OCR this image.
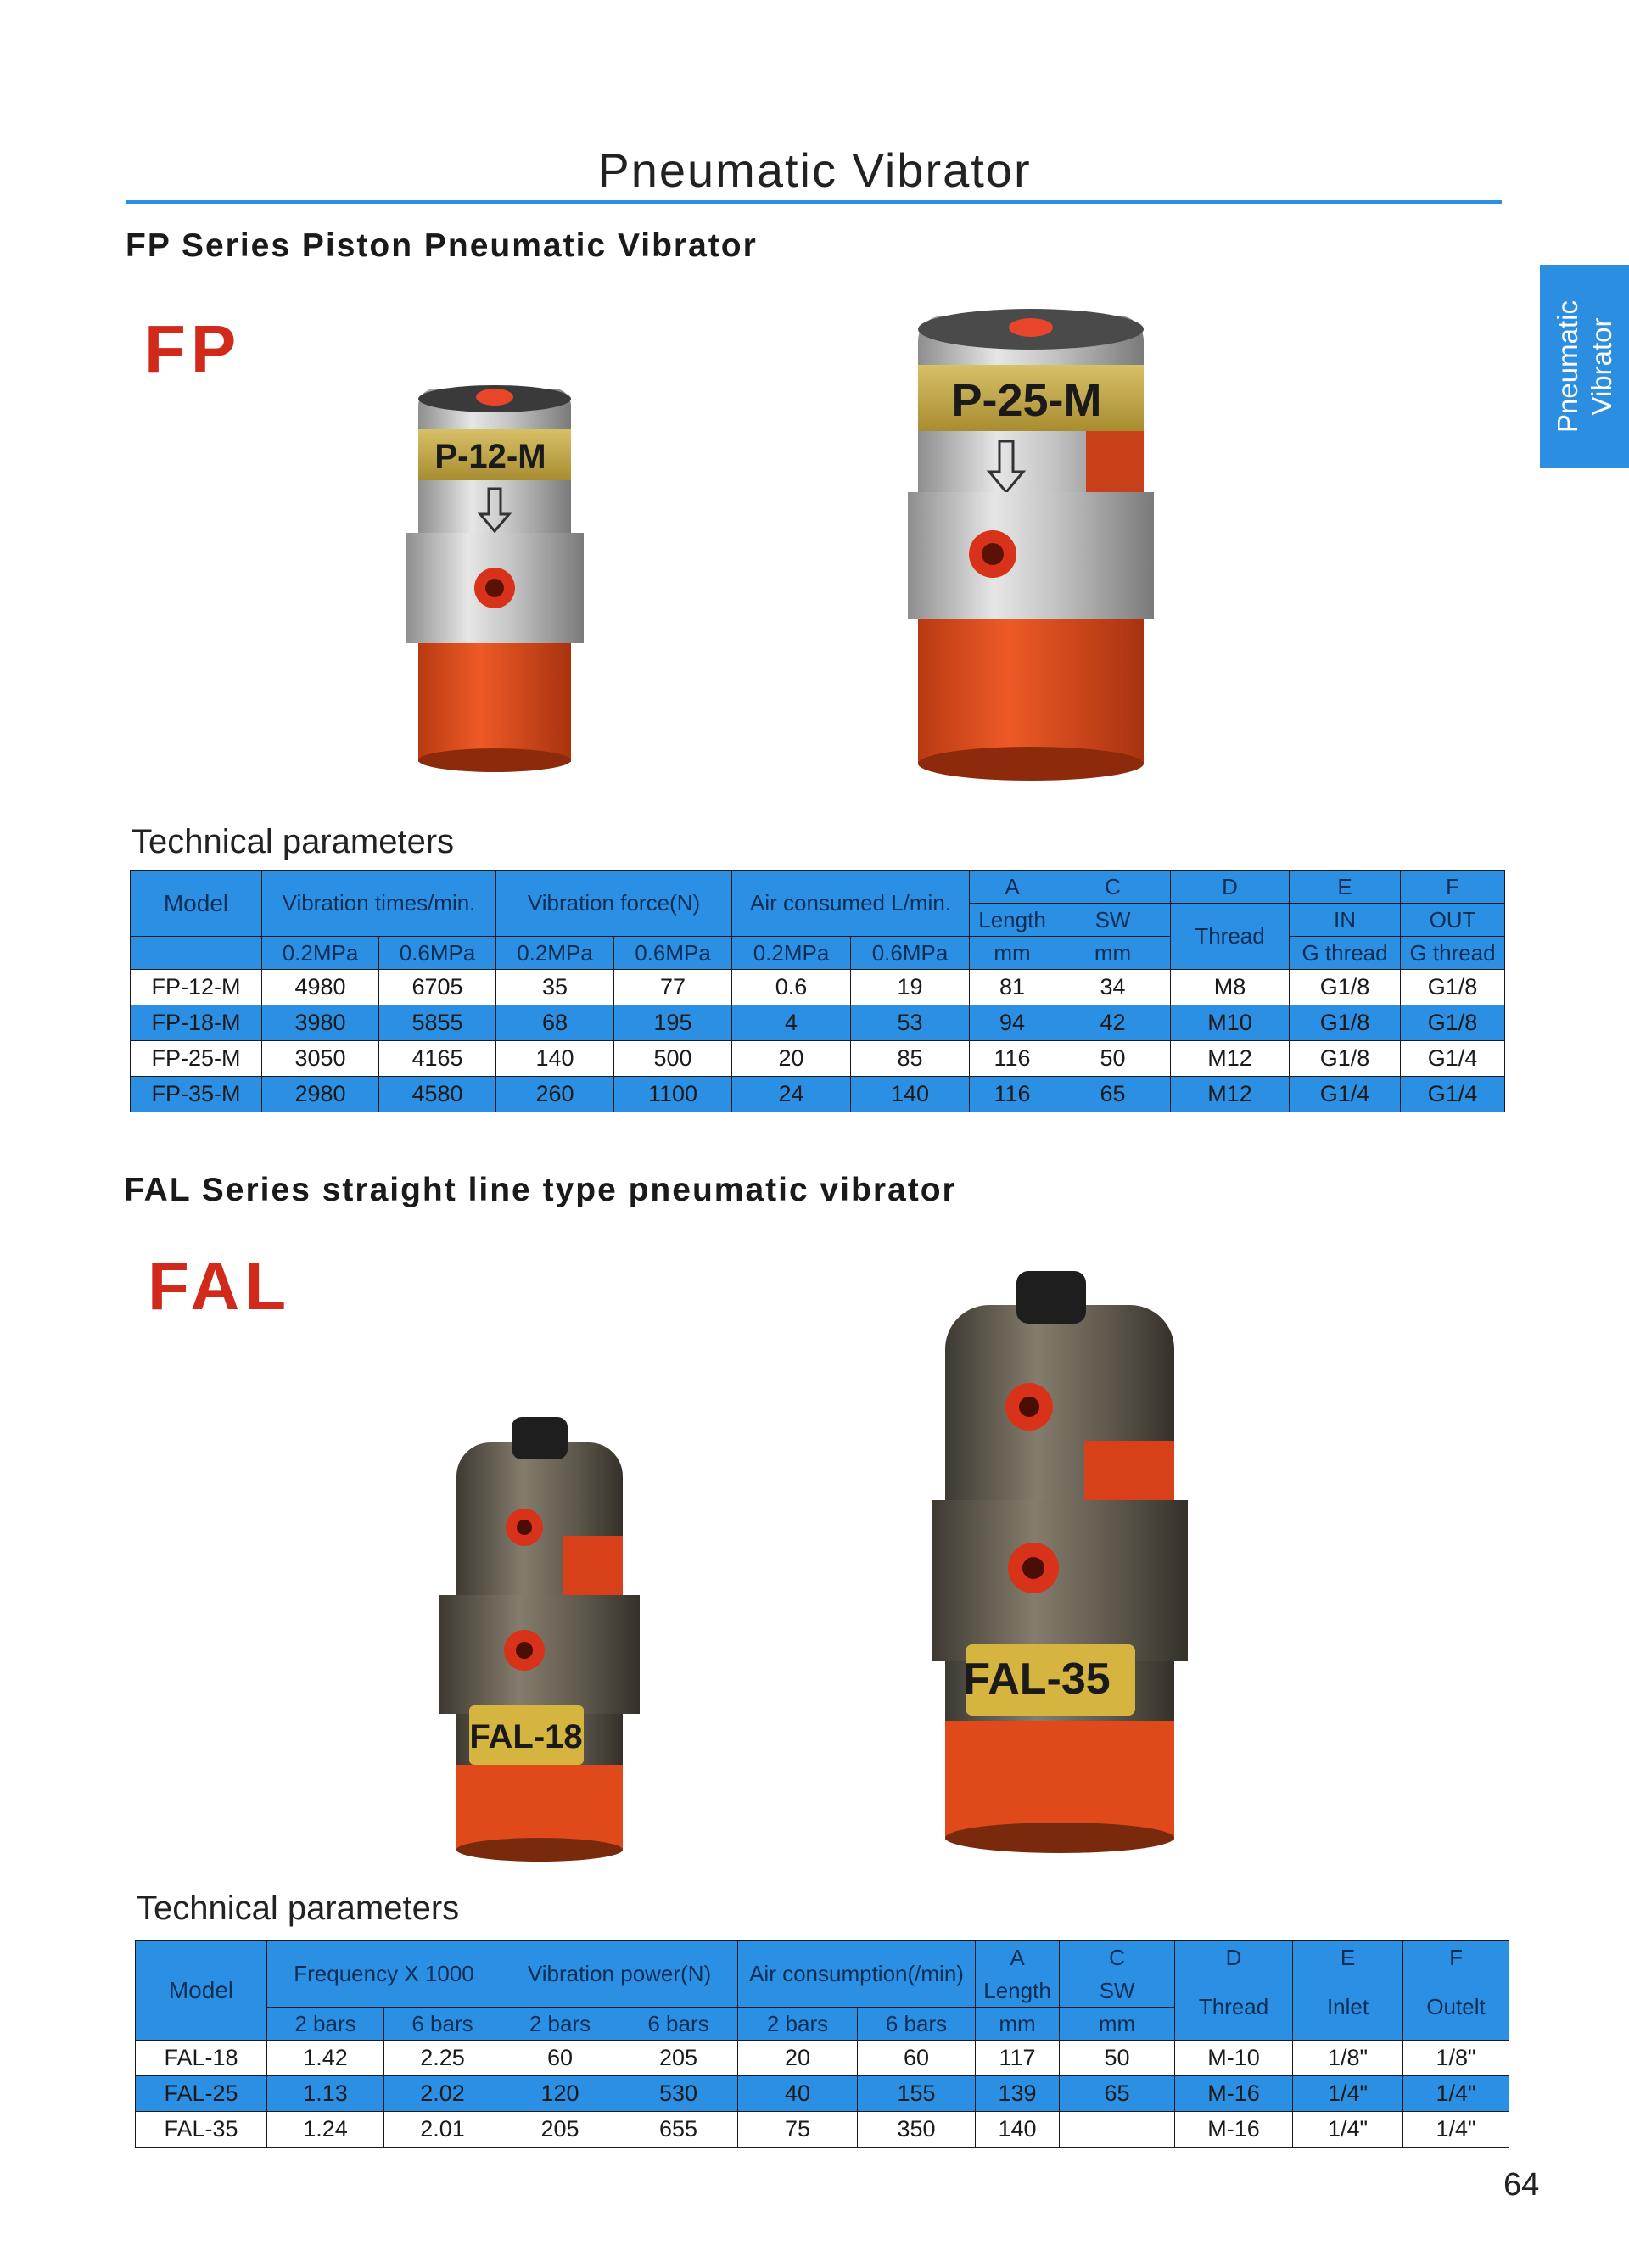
Pneumatic Vibrator
Pneumatic
Vibrator
FP Series Piston Pneumatic Vibrator
FP
P-12-M
P-25-M
Technical parameters
Model	Vibration times/min.		Vibration force(N)		Air consumed L/min.		A	C	D	E	F
							Length	SW	Thread	IN	OUT
	0.2MPa	0.6MPa	0.2MPa	0.6MPa	0.2MPa	0.6MPa	mm	mm		G thread	G thread
FP-12-M	4980	6705	35	77	0.6	19	81	34	M8	G1/8	G1/8
FP-18-M	3980	5855	68	195	4	53	94	42	M10	G1/8	G1/8
FP-25-M	3050	4165	140	500	20	85	116	50	M12	G1/8	G1/4
FP-35-M	2980	4580	260	1100	24	140	116	65	M12	G1/4	G1/4
FAL Series straight line type pneumatic vibrator
FAL
FAL-18
FAL-35
Technical parameters
Model	Frequency X 1000		Vibration power(N)		Air consumption(/min)		A	C	D	E	F
							Length	SW	Thread	Inlet	Outelt
	2 bars	6 bars	2 bars	6 bars	2 bars	6 bars	mm	mm			
FAL-18	1.42	2.25	60	205	20	60	117	50	M-10	1/8"	1/8"
FAL-25	1.13	2.02	120	530	40	155	139	65	M-16	1/4"	1/4"
FAL-35	1.24	2.01	205	655	75	350	140		M-16	1/4"	1/4"
64
